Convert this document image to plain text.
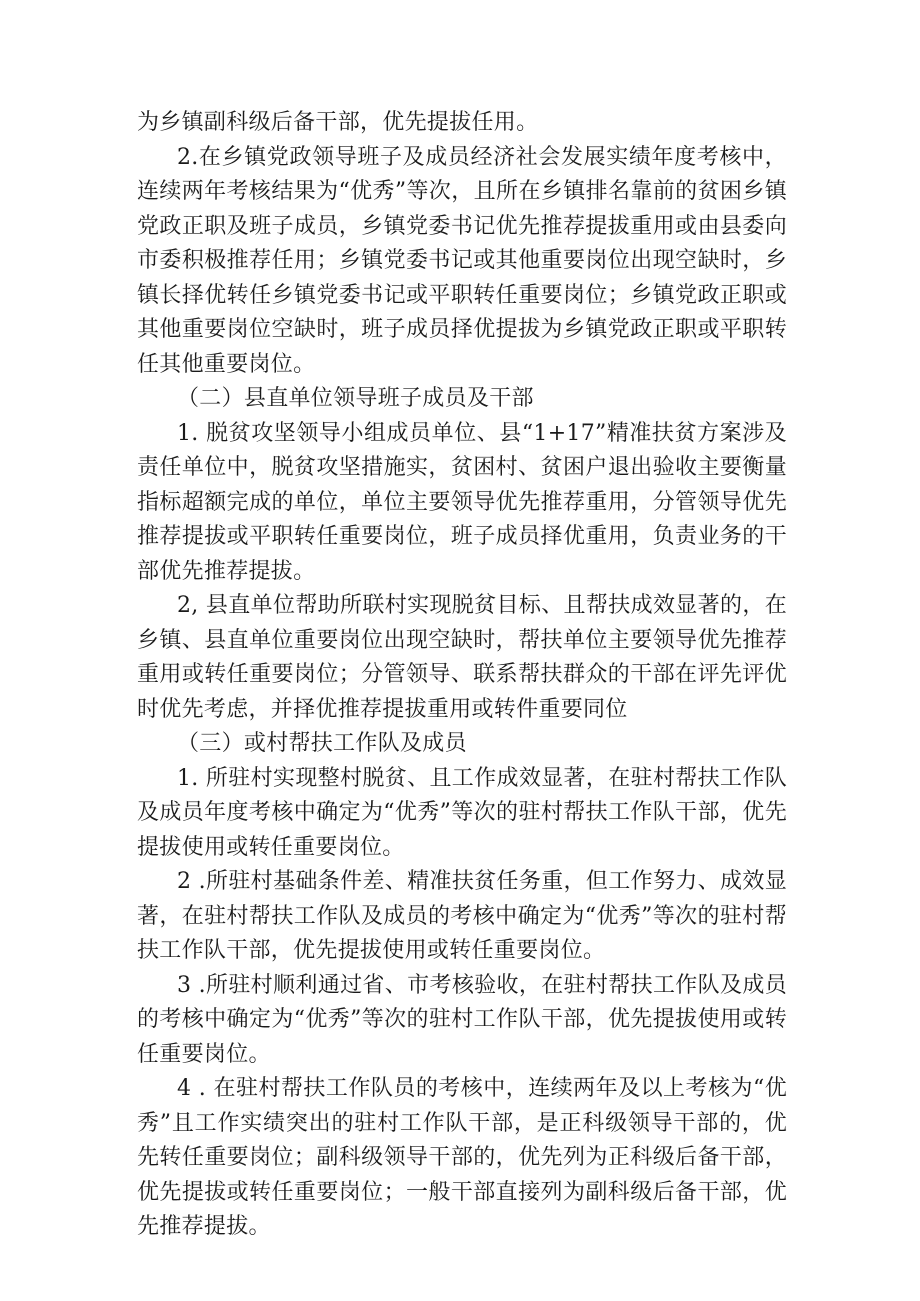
为乡镇副科级后备干部，优先提拔任用。

2.在乡镇党政领导班子及成员经济社会发展实绩年度考核中，连续两年考核结果为“优秀”等次，且所在乡镇排名靠前的贫困乡镇党政正职及班子成员，乡镇党委书记优先推荐提拔重用或由县委向市委积极推荐任用；乡镇党委书记或其他重要岗位出现空缺时，乡镇长择优转任乡镇党委书记或平职转任重要岗位；乡镇党政正职或其他重要岗位空缺时，班子成员择优提拔为乡镇党政正职或平职转任其他重要岗位。

（二）县直单位领导班子成员及干部

1. 脱贫攻坚领导小组成员单位、县“1+17”精准扶贫方案涉及责任单位中，脱贫攻坚措施实，贫困村、贫困户退出验收主要衡量指标超额完成的单位，单位主要领导优先推荐重用，分管领导优先推荐提拔或平职转任重要岗位，班子成员择优重用，负责业务的干部优先推荐提拔。

2, 县直单位帮助所联村实现脱贫目标、且帮扶成效显著的，在乡镇、县直单位重要岗位出现空缺时，帮扶单位主要领导优先推荐重用或转任重要岗位；分管领导、联系帮扶群众的干部在评先评优时优先考虑，并择优推荐提拔重用或转件重要同位

（三）或村帮扶工作队及成员

1. 所驻村实现整村脱贫、且工作成效显著，在驻村帮扶工作队及成员年度考核中确定为“优秀”等次的驻村帮扶工作队干部，优先提拔使用或转任重要岗位。

2 .所驻村基础条件差、精准扶贫任务重，但工作努力、成效显著，在驻村帮扶工作队及成员的考核中确定为“优秀”等次的驻村帮扶工作队干部，优先提拔使用或转任重要岗位。

3 .所驻村顺利通过省、市考核验收，在驻村帮扶工作队及成员的考核中确定为“优秀”等次的驻村工作队干部，优先提拔使用或转任重要岗位。

4 . 在驻村帮扶工作队员的考核中，连续两年及以上考核为“优秀”且工作实绩突出的驻村工作队干部，是正科级领导干部的，优先转任重要岗位；副科级领导干部的，优先列为正科级后备干部，优先提拔或转任重要岗位；一般干部直接列为副科级后备干部，优先推荐提拔。
